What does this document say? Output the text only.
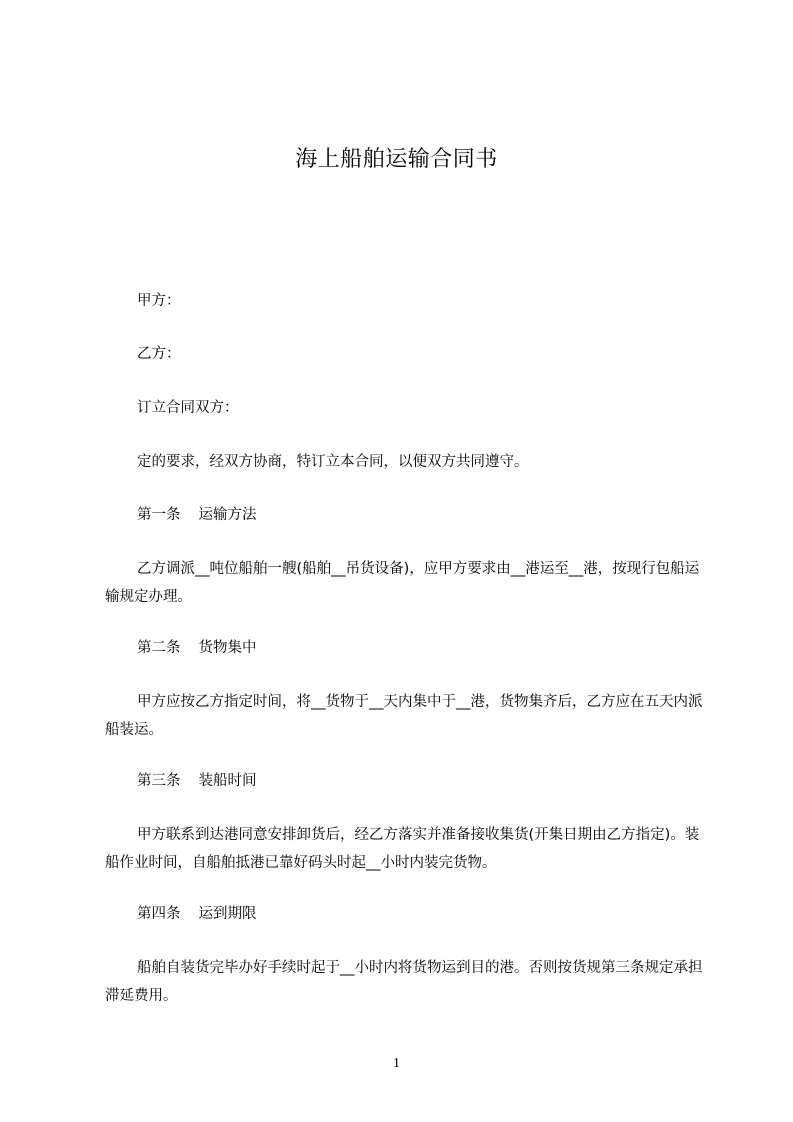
海上船舶运输合同书
甲方：
乙方：
订立合同双方：
定的要求，经双方协商，特订立本合同，以便双方共同遵守。
第一条 运输方法
乙方调派__吨位船舶一艘(船舶__吊货设备)，应甲方要求由__港运至__港，按现行包船运输规定办理。
第二条 货物集中
甲方应按乙方指定时间，将__货物于__天内集中于__港，货物集齐后，乙方应在五天内派船装运。
第三条 装船时间
甲方联系到达港同意安排卸货后，经乙方落实并准备接收集货(开集日期由乙方指定)。装船作业时间，自船舶抵港已靠好码头时起__小时内装完货物。
第四条 运到期限
船舶自装货完毕办好手续时起于__小时内将货物运到目的港。否则按货规第三条规定承担滞延费用。
1
